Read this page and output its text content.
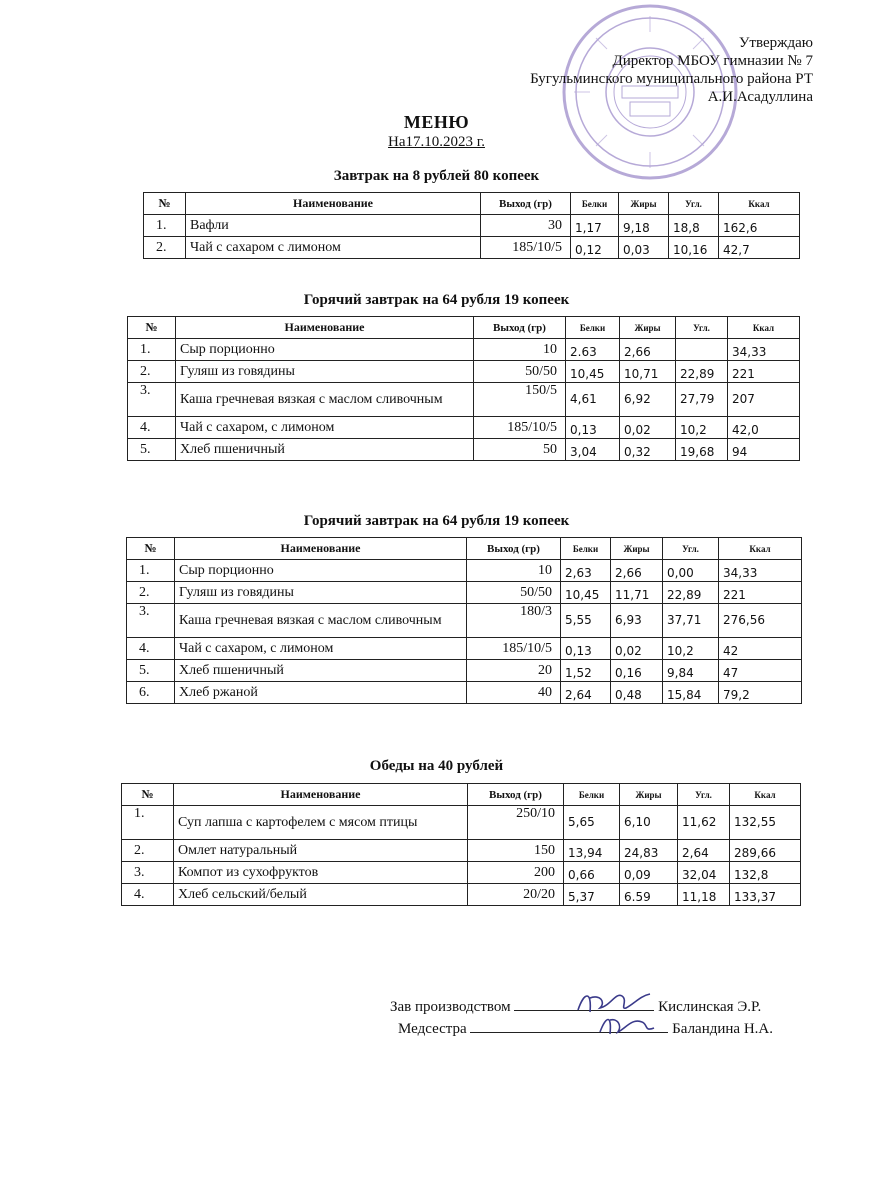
Утверждаю
Директор МБОУ гимназии № 7
Бугульминского муниципального района РТ
А.И.Асадуллина
МЕНЮ
На17.10.2023 г.
Завтрак на 8 рублей 80 копеек
№	Наименование	Выход (гр)	Белки	Жиры	Угл.	Ккал
1.	Вафли	30	1,17	9,18	18,8	162,6
2.	Чай с сахаром с лимоном	185/10/5	0,12	0,03	10,16	42,7
Горячий завтрак на 64 рубля 19 копеек
№	Наименование	Выход (гр)	Белки	Жиры	Угл.	Ккал
1.	Сыр порционно	10	2.63	2,66		34,33
2.	Гуляш из говядины	50/50	10,45	10,71	22,89	221
3.	Каша гречневая вязкая с маслом сливочным	150/5	4,61	6,92	27,79	207
4.	Чай с сахаром, с лимоном	185/10/5	0,13	0,02	10,2	42,0
5.	Хлеб пшеничный	50	3,04	0,32	19,68	94
Горячий завтрак на 64 рубля 19 копеек
№	Наименование	Выход (гр)	Белки	Жиры	Угл.	Ккал
1.	Сыр порционно	10	2,63	2,66	0,00	34,33
2.	Гуляш из говядины	50/50	10,45	11,71	22,89	221
3.	Каша гречневая вязкая с маслом сливочным	180/3	5,55	6,93	37,71	276,56
4.	Чай с сахаром, с лимоном	185/10/5	0,13	0,02	10,2	42
5.	Хлеб пшеничный	20	1,52	0,16	9,84	47
6.	Хлеб ржаной	40	2,64	0,48	15,84	79,2
Обеды на 40 рублей
№	Наименование	Выход (гр)	Белки	Жиры	Угл.	Ккал
1.	Суп лапша с картофелем с мясом птицы	250/10	5,65	6,10	11,62	132,55
2.	Омлет натуральный	150	13,94	24,83	2,64	289,66
3.	Компот из сухофруктов	200	0,66	0,09	32,04	132,8
4.	Хлеб сельский/белый	20/20	5,37	6.59	11,18	133,37
Зав производством	Кислинская Э.Р.
Медсестра	Баландина Н.А.
